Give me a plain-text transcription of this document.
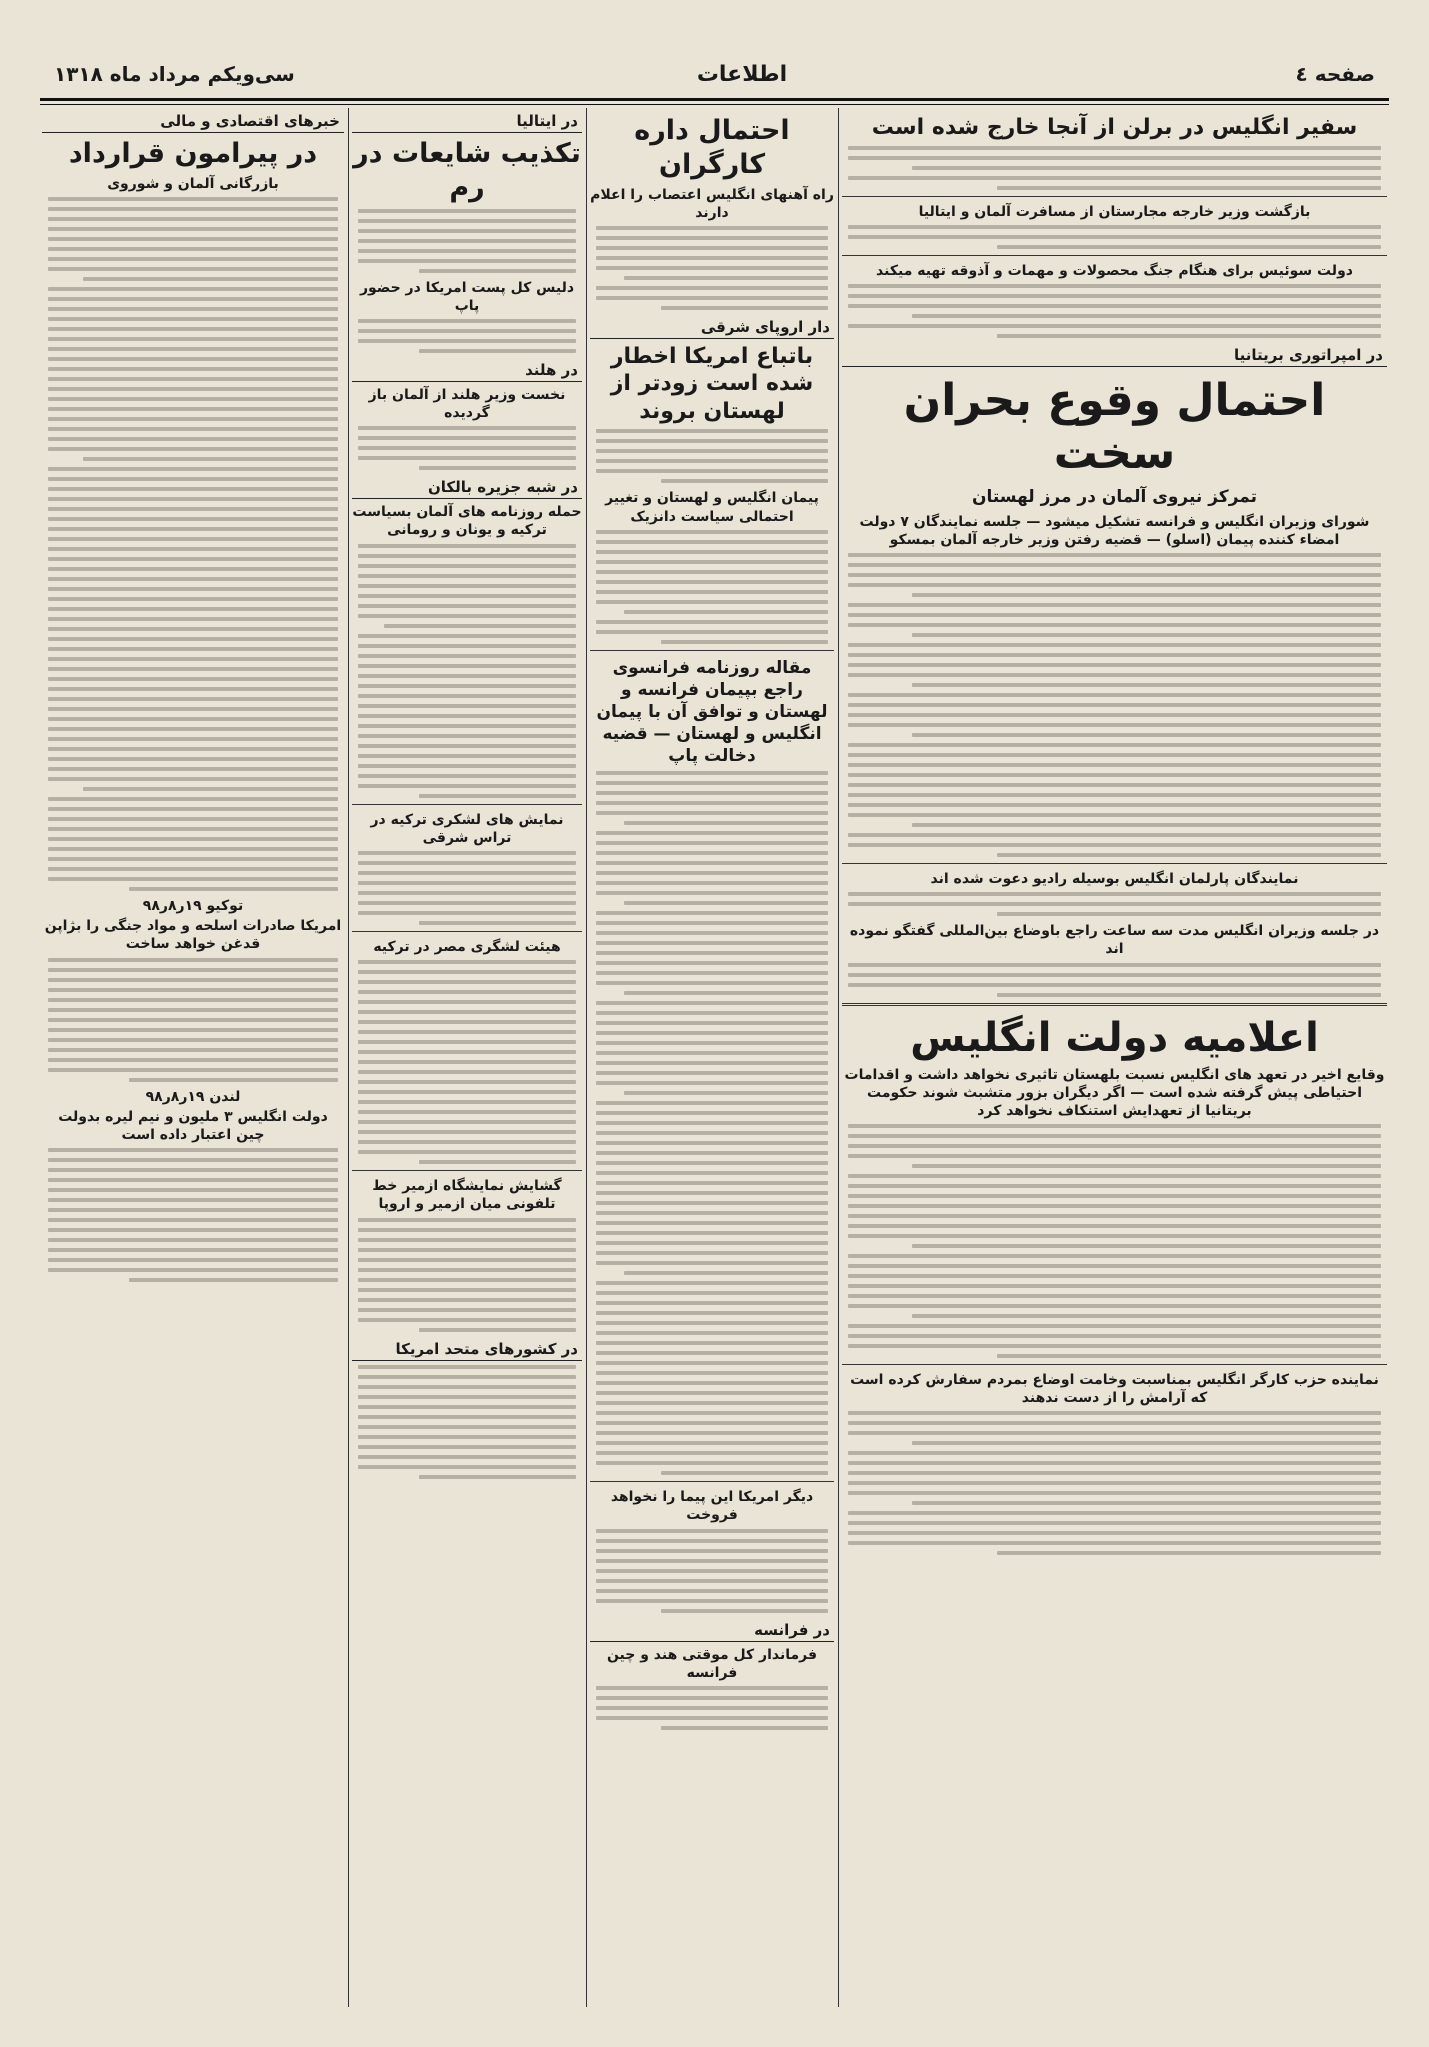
صفحه ٤
اطلاعات
سی‌ویکم مرداد ماه ۱۳۱۸
سفیر انگلیس در برلن از آنجا خارج شده است
بازگشت وزیر خارجه مجارستان از مسافرت آلمان و ایتالیا
دولت سوئیس برای هنگام جنگ محصولات و مهمات و آذوقه تهیه میکند
در امپراتوری بریتانیا
احتمال وقوع بحران سخت
تمرکز نیروی آلمان در مرز لهستان
شورای وزیران انگلیس و فرانسه تشکیل میشود — جلسه نمایندگان ۷ دولت امضاء کننده پیمان (اسلو) — قضیه رفتن وزیر خارجه آلمان بمسکو
نمایندگان پارلمان انگلیس بوسیله رادیو دعوت شده اند
در جلسه وزیران انگلیس مدت سه ساعت راجع باوضاع بین‌المللی گفتگو نموده اند
اعلامیه دولت انگلیس
وقایع اخیر در تعهد های انگلیس نسبت بلهستان تاثیری نخواهد داشت و اقدامات احتیاطی پیش گرفته شده است — اگر دیگران بزور متشبث شوند حکومت بریتانیا از تعهدایش استنکاف نخواهد کرد
نماینده حزب کارگر انگلیس بمناسبت وخامت اوضاع بمردم سفارش کرده است که آرامش را از دست ندهند
احتمال داره کارگران
راه آهنهای انگلیس اعتصاب را اعلام دارند
دار اروپای شرقی
باتباع امریکا اخطار شده است زودتر از لهستان بروند
پیمان انگلیس و لهستان و تغییر احتمالی سیاست دانزیک
مقاله روزنامه فرانسوی راجع بپیمان فرانسه و لهستان و توافق آن با پیمان انگلیس و لهستان — قضیه دخالت پاپ
دیگر امریکا این پیما را نخواهد فروخت
در فرانسه
فرماندار کل موقتی هند و چین فرانسه
در ایتالیا
تکذیب شایعات در رم
دلیس کل پست امریکا در حضور پاپ
در هلند
نخست وزیر هلند از آلمان باز گردیده
در شبه جزیره بالکان
حمله روزنامه های آلمان بسیاست ترکیه و یونان و رومانی
نمایش های لشکری ترکیه در تراس شرقی
هیئت لشگری مصر در ترکیه
گشایش نمایشگاه ازمیر خط تلفونی میان ازمیر و اروپا
در کشورهای متحد امریکا
خبرهای اقتصادی و مالی
در پیرامون قرارداد
بازرگانی آلمان و شوروی
توکیو ۱۹ر۸ر۹۸
امریکا صادرات اسلحه و مواد جنگی را بژاپن قدغن خواهد ساخت
لندن ۱۹ر۸ر۹۸
دولت انگلیس ۳ ملیون و نیم لیره بدولت چین اعتبار داده است
